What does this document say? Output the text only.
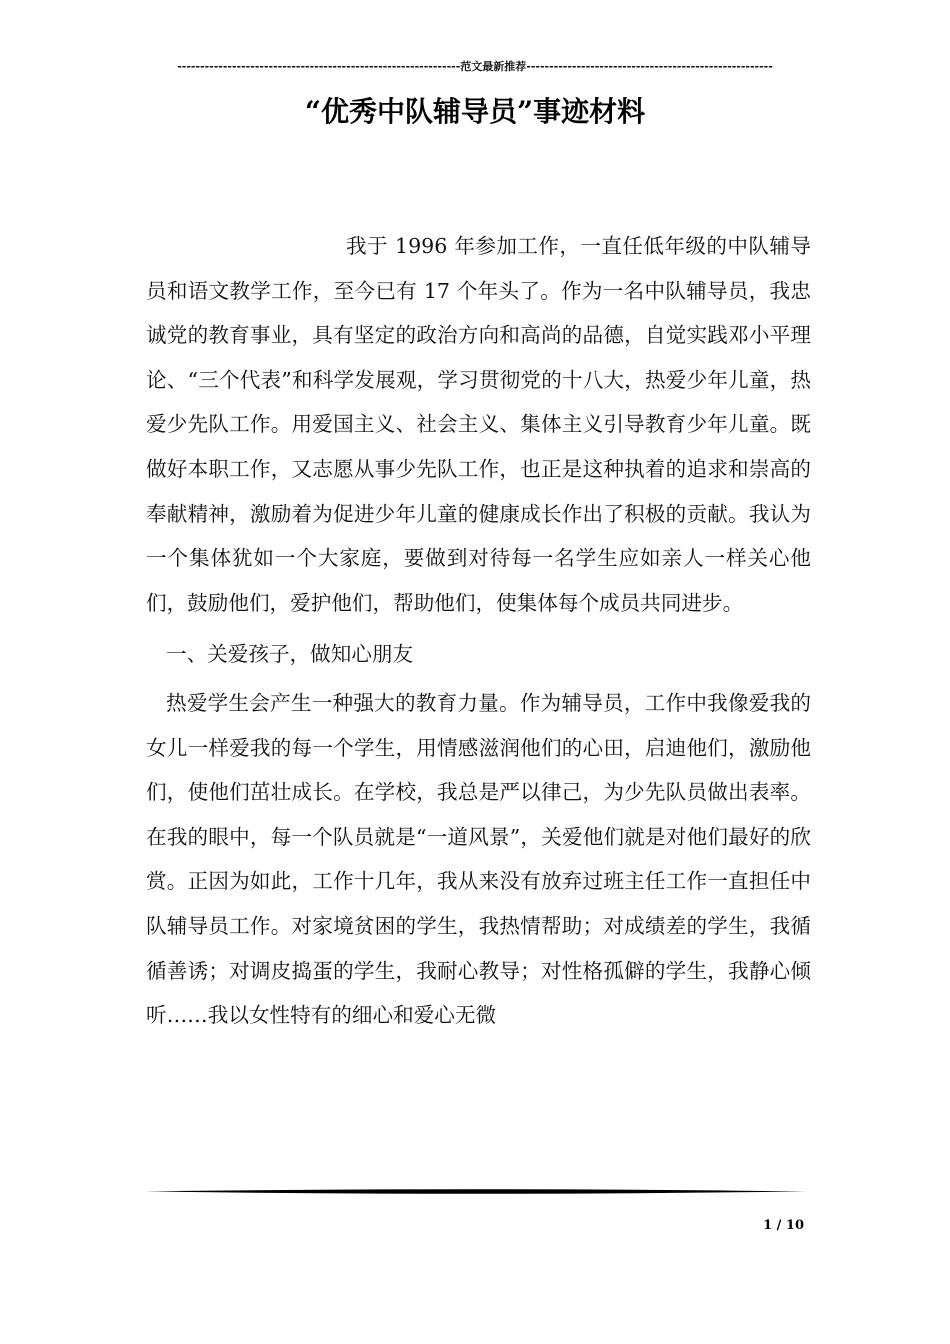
--------------------------------------------------------------范文最新推荐------------------------------------------------------
“优秀中队辅导员”事迹材料

我于 1996 年参加工作，一直任低年级的中队辅导员和语文教学工作，至今已有 17 个年头了。作为一名中队辅导员，我忠诚党的教育事业，具有坚定的政治方向和高尚的品德，自觉实践邓小平理论、“三个代表”和科学发展观，学习贯彻党的十八大，热爱少年儿童，热爱少先队工作。用爱国主义、社会主义、集体主义引导教育少年儿童。既做好本职工作，又志愿从事少先队工作，也正是这种执着的追求和崇高的奉献精神，激励着为促进少年儿童的健康成长作出了积极的贡献。我认为一个集体犹如一个大家庭，要做到对待每一名学生应如亲人一样关心他们，鼓励他们，爱护他们，帮助他们，使集体每个成员共同进步。

一、关爱孩子，做知心朋友

热爱学生会产生一种强大的教育力量。作为辅导员，工作中我像爱我的女儿一样爱我的每一个学生，用情感滋润他们的心田，启迪他们，激励他们，使他们茁壮成长。在学校，我总是严以律己，为少先队员做出表率。在我的眼中，每一个队员就是“一道风景”，关爱他们就是对他们最好的欣赏。正因为如此，工作十几年，我从来没有放弃过班主任工作一直担任中队辅导员工作。对家境贫困的学生，我热情帮助；对成绩差的学生，我循循善诱；对调皮捣蛋的学生，我耐心教导；对性格孤僻的学生，我静心倾听……我以女性特有的细心和爱心无微

1 / 10
